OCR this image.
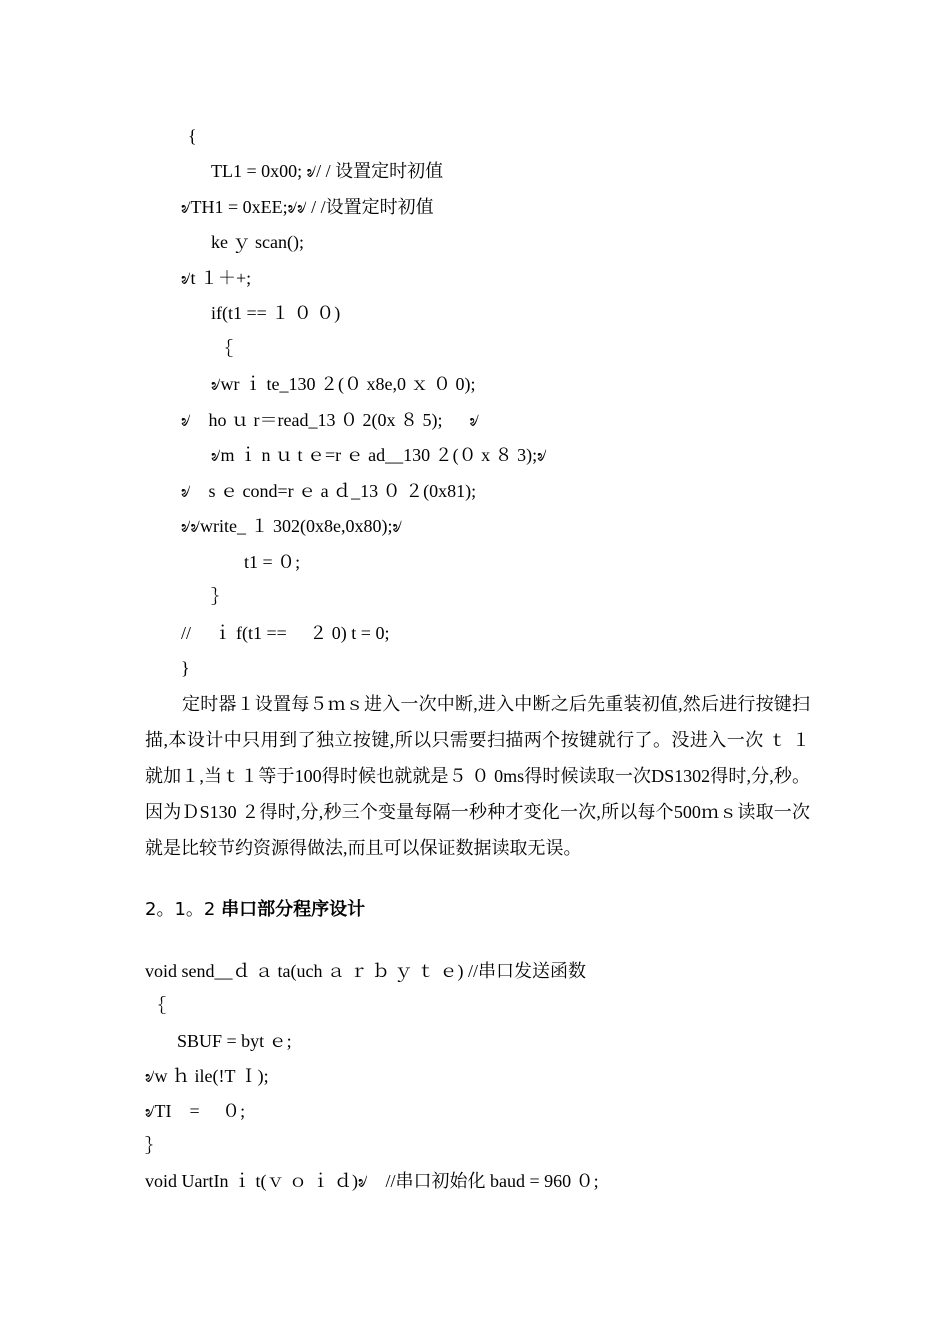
{
TL1 = 0x00; ৶/ / 设置定时初值
৶TH1 = 0xEE;৶৶ / /设置定时初值
ke ｙ scan();
৶t １＋+;
if(t1 == １ ０ ０)
｛
৶wr ｉ te_130 ２(０ x8e,0 ｘ ０ 0);
৶    ho ｕ r＝read_13 ０ 2(0x ８ 5);      ৶
৶m ｉ n ｕ t ｅ=r ｅ ad__130 ２(０ x ８ 3);৶
৶    s ｅ cond=r ｅ a ｄ_13 ０ ２(0x81);
৶৶write_ １ 302(0x8e,0x80);৶
t1 = ０;
｝
//     ｉ f(t1 ==     ２ 0) t = 0;
}
定时器１设置每５ｍｓ进入一次中断,进入中断之后先重装初值,然后进行按键扫描,本设计中只用到了独立按键,所以只需要扫描两个按键就行了。没进入一次 ｔ １就加１,当ｔ１等于100得时候也就就是５ ０ 0ms得时候读取一次DS1302得时,分,秒。因为ＤS130 ２得时,分,秒三个变量每隔一秒种才变化一次,所以每个500ｍｓ读取一次就是比较节约资源得做法,而且可以保证数据读取无误。
2。1。2 串口部分程序设计
void send__ｄ ａ ta(uch ａ ｒ ｂ ｙ ｔ ｅ) //串口发送函数
｛
SBUF = byt ｅ;
৶w ｈ ile(!T Ｉ);
৶TI    =     ０;
｝
void UartIn ｉ t(ｖ ｏ ｉ ｄ)৶    //串口初始化 baud = 960 ０;
